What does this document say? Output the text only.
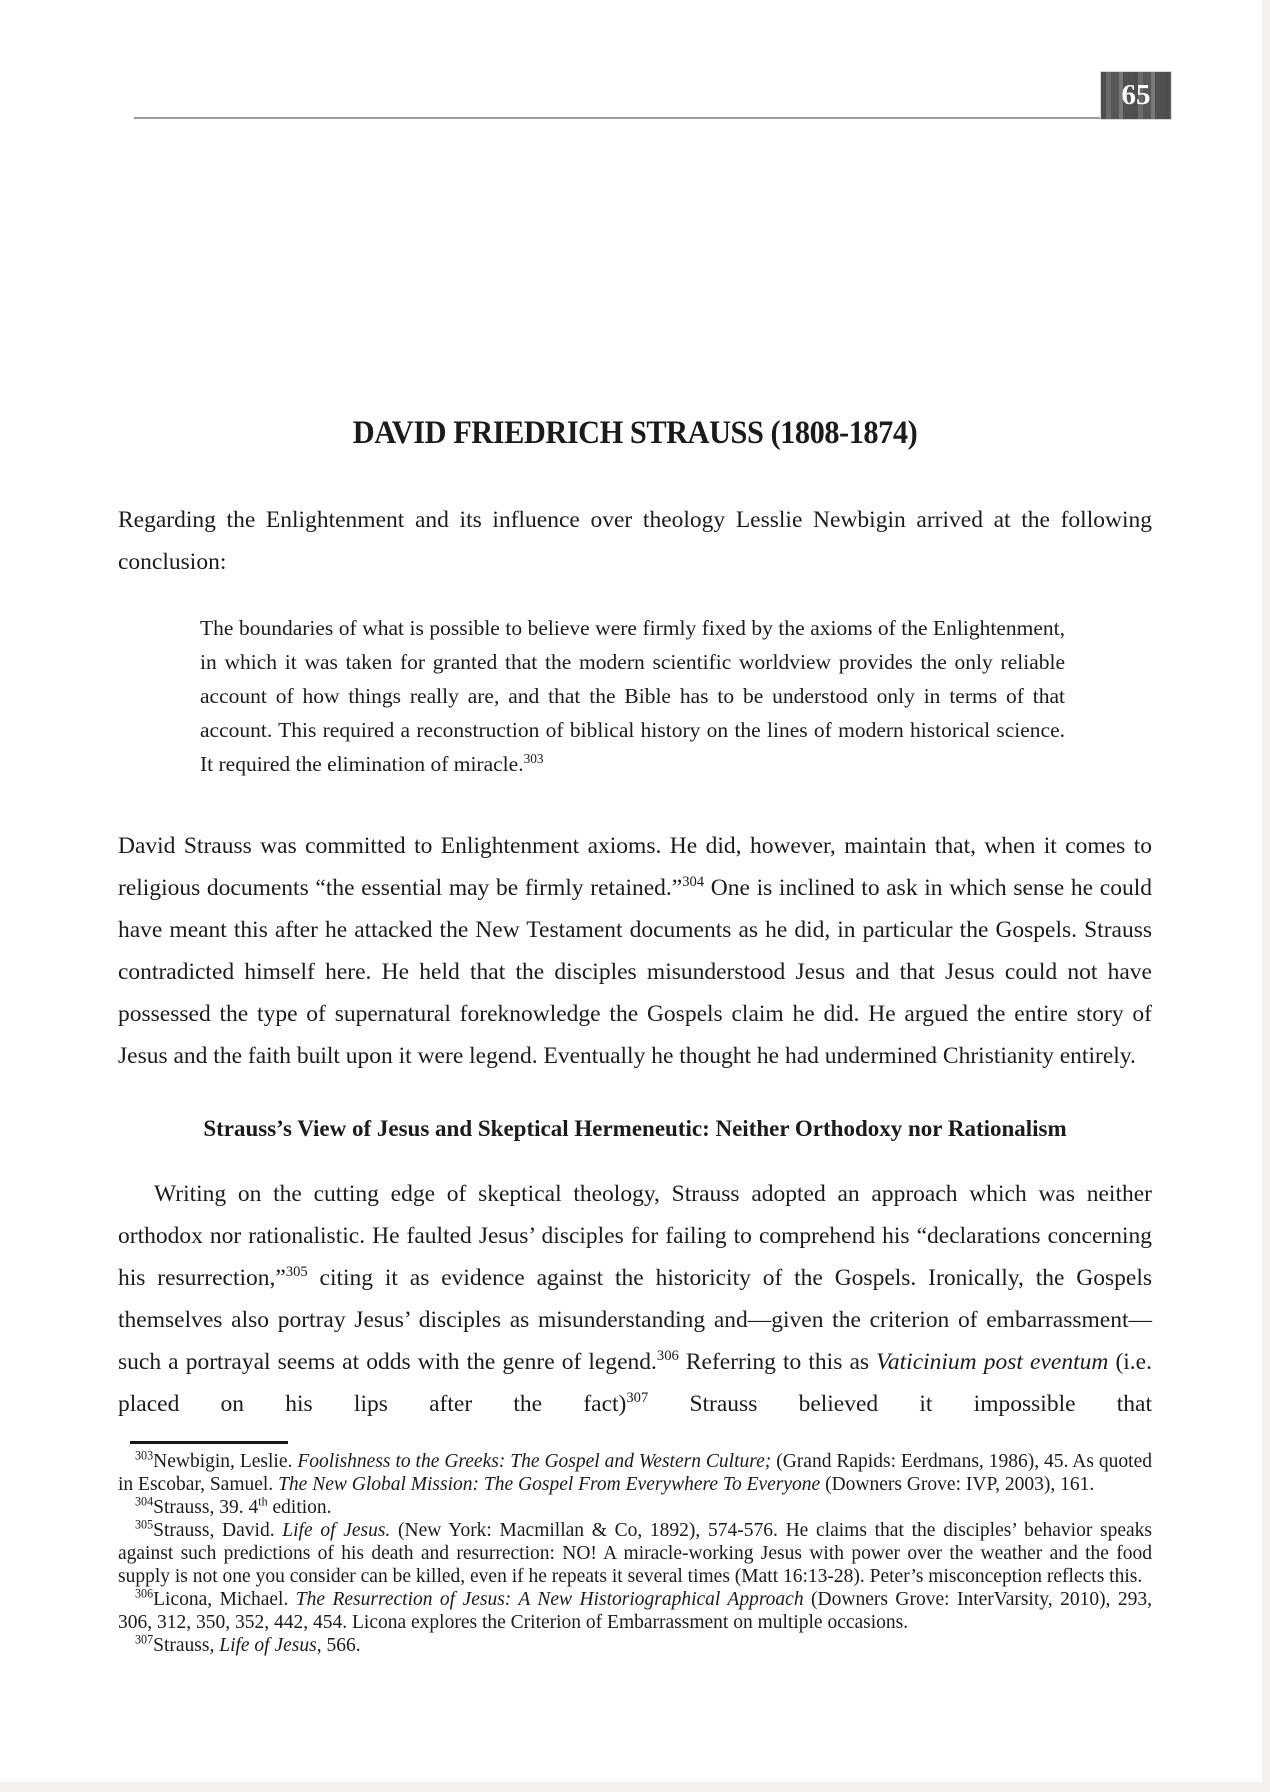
65
DAVID FRIEDRICH STRAUSS (1808-1874)

Regarding the Enlightenment and its influence over theology Lesslie Newbigin arrived at the following conclusion:

The boundaries of what is possible to believe were firmly fixed by the axioms of the Enlightenment, in which it was taken for granted that the modern scientific worldview provides the only reliable account of how things really are, and that the Bible has to be understood only in terms of that account. This required a reconstruction of biblical history on the lines of modern historical science. It required the elimination of miracle.$^{303}$

David Strauss was committed to Enlightenment axioms. He did, however, maintain that, when it comes to religious documents “the essential may be firmly retained.”$^{304}$ One is inclined to ask in which sense he could have meant this after he attacked the New Testament documents as he did, in particular the Gospels. Strauss contradicted himself here. He held that the disciples misunderstood Jesus and that Jesus could not have possessed the type of supernatural foreknowledge the Gospels claim he did. He argued the entire story of Jesus and the faith built upon it were legend. Eventually he thought he had undermined Christianity entirely.

Strauss’s View of Jesus and Skeptical Hermeneutic: Neither Orthodoxy nor Rationalism

Writing on the cutting edge of skeptical theology, Strauss adopted an approach which was neither orthodox nor rationalistic. He faulted Jesus’ disciples for failing to comprehend his “declarations concerning his resurrection,”$^{305}$ citing it as evidence against the historicity of the Gospels. Ironically, the Gospels themselves also portray Jesus’ disciples as misunderstanding and—given the criterion of embarrassment—such a portrayal seems at odds with the genre of legend.$^{306}$ Referring to this as Vaticinium post eventum (i.e. placed on his lips after the fact)$^{307}$ Strauss believed it impossible that

$^{303}$Newbigin, Leslie. Foolishness to the Greeks: The Gospel and Western Culture; (Grand Rapids: Eerdmans, 1986), 45. As quoted in Escobar, Samuel. The New Global Mission: The Gospel From Everywhere To Everyone (Downers Grove: IVP, 2003), 161.

$^{304}$Strauss, 39. 4th edition.

$^{305}$Strauss, David. Life of Jesus. (New York: Macmillan & Co, 1892), 574-576. He claims that the disciples’ behavior speaks against such predictions of his death and resurrection: NO! A miracle-working Jesus with power over the weather and the food supply is not one you consider can be killed, even if he repeats it several times (Matt 16:13-28). Peter’s misconception reflects this.

$^{306}$Licona, Michael. The Resurrection of Jesus: A New Historiographical Approach (Downers Grove: InterVarsity, 2010), 293, 306, 312, 350, 352, 442, 454. Licona explores the Criterion of Embarrassment on multiple occasions.

$^{307}$Strauss, Life of Jesus, 566.
